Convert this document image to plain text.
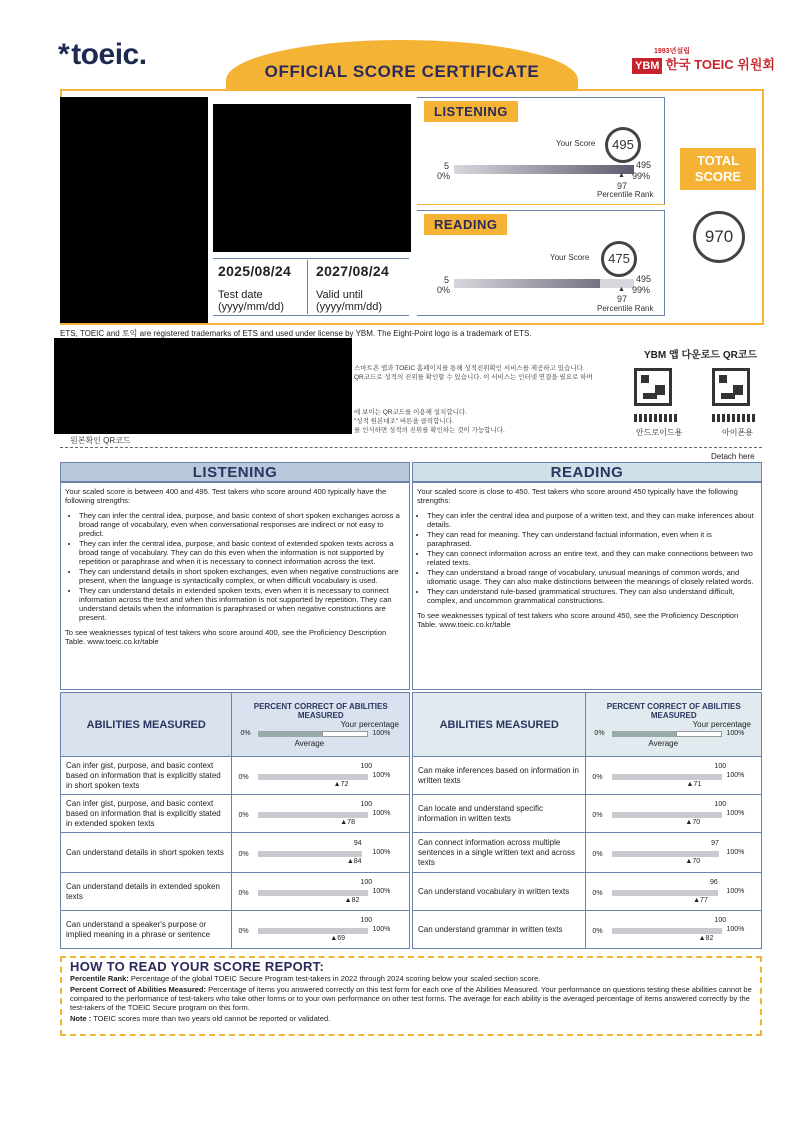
*toeic.	1993년설립
YBM 한국 TOEIC 위원회
OFFICIAL SCORE CERTIFICATE
2025/08/24
Test date
(yyyy/mm/dd)
2027/08/24
Valid until
(yyyy/mm/dd)
LISTENING
Your Score	495
5
0%
495
99%
▲
97
Percentile Rank
READING
Your Score	475
5
0%
495
99%
▲
97
Percentile Rank
TOTAL
SCORE
970
ETS, TOEIC and 토익 are registered trademarks of ETS and used under license by YBM. The Eight-Point logo is a trademark of ETS.
스마트폰 앱과 TOEIC 홈페이지를 통해 성적진위확인 서비스를 제공하고 있습니다.
QR코드로 성적의 진위를 확인할 수 있습니다. 이 서비스는 인터넷 연결을 필요로 하며
에 보이는 QR코드를 이용해 설치합니다.
"성적 원본대조" 버튼을 클릭합니다.
를 인식하면 성적의 진위를 확인하는 것이 가능합니다.
원본확인 QR코드
YBM 앱 다운로드 QR코드
안드로이드용	아이폰용
Detach here
LISTENING
Your scaled score is between 400 and 495. Test takers who score around 400 typically have the following strengths:
• They can infer the central idea, purpose, and basic context of short spoken exchanges across a broad range of vocabulary, even when conversational responses are indirect or not easy to predict.
• They can infer the central idea, purpose, and basic context of extended spoken texts across a broad range of vocabulary. They can do this even when the information is not supported by repetition or paraphrase and when it is necessary to connect information across the text.
• They can understand details in short spoken exchanges, even when negative constructions are present, when the language is syntactically complex, or when difficult vocabulary is used.
• They can understand details in extended spoken texts, even when it is necessary to connect information across the text and when this information is not supported by repetition. They can understand details when the information is paraphrased or when negative constructions are present.
To see weaknesses typical of test takers who score around 400, see the Proficiency Description Table. www.toeic.co.kr/table
READING
Your scaled score is close to 450. Test takers who score around 450 typically have the following strengths:
• They can infer the central idea and purpose of a written text, and they can make inferences about details.
• They can read for meaning. They can understand factual information, even when it is paraphrased.
• They can connect information across an entire text, and they can make connections between two related texts.
• They can understand a broad range of vocabulary, unusual meanings of common words, and idiomatic usage. They can also make distinctions between the meanings of closely related words.
• They can understand rule-based grammatical structures. They can also understand difficult, complex, and uncommon grammatical constructions.
To see weaknesses typical of test takers who score around 450, see the Proficiency Description Table. www.toeic.co.kr/table
ABILITIES MEASURED	PERCENT CORRECT OF ABILITIES MEASURED
Your percentage
0% 100%
Average

Can infer gist, purpose, and basic context based on information that is explicitly stated in short spoken texts	0% 100%
100
▲72

Can infer gist, purpose, and basic context based on information that is explicitly stated in extended spoken texts	0% 100%
100
▲78

Can understand details in short spoken texts	0% 100%
94
▲84

Can understand details in extended spoken texts	0% 100%
100
▲82

Can understand a speaker's purpose or implied meaning in a phrase or sentence	0% 100%
100
▲69
ABILITIES MEASURED	PERCENT CORRECT OF ABILITIES MEASURED
Your percentage
0% 100%
Average

Can make inferences based on information in written texts	0% 100%
100
▲71

Can locate and understand specific information in written texts	0% 100%
100
▲70

Can connect information across multiple sentences in a single written text and across texts	0% 100%
97
▲70

Can understand vocabulary in written texts	0% 100%
96
▲77

Can understand grammar in written texts	0% 100%
100
▲82
HOW TO READ YOUR SCORE REPORT:
Percentile Rank: Percentage of the global TOEIC Secure Program test-takers in 2022 through 2024 scoring below your scaled section score.
Percent Correct of Abilities Measured: Percentage of items you answered correctly on this test form for each one of the Abilities Measured. Your performance on questions testing these abilities cannot be compared to the performance of test-takers who take other forms or to your own performance on other test forms. The average for each ability is the averaged percentage of items answered correctly by the test-takers of the TOEIC Secure program on this form.
Note : TOEIC scores more than two years old cannot be reported or validated.
